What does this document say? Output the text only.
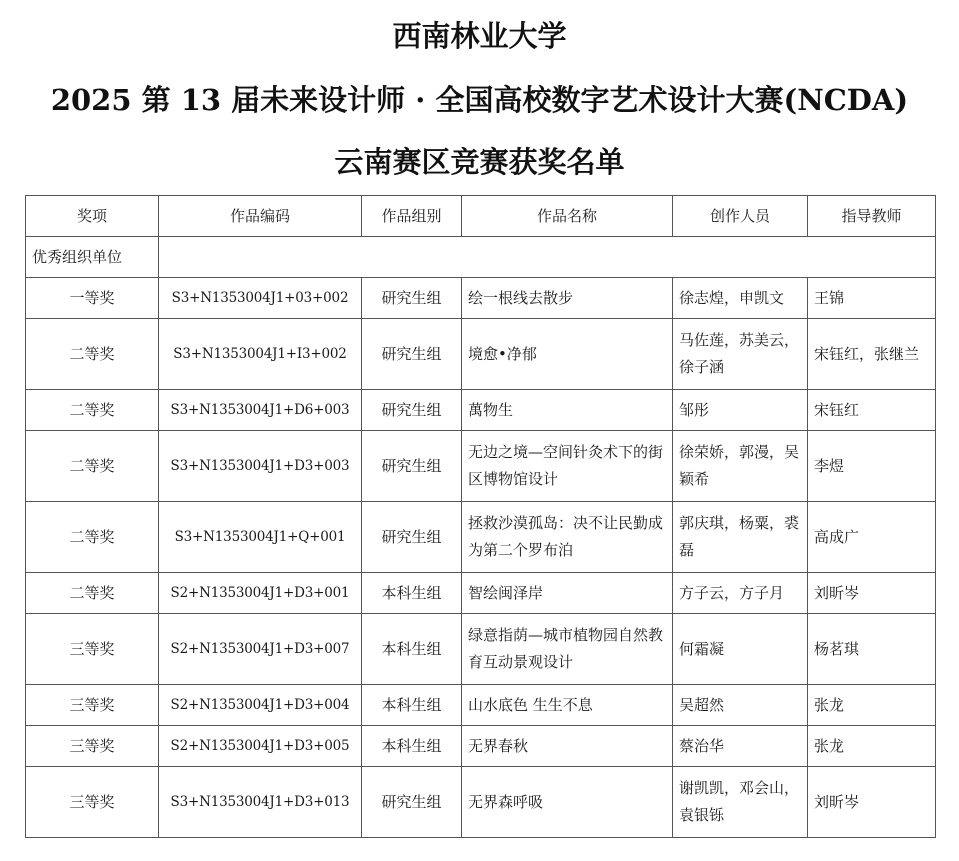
西南林业大学
2025 第 13 届未来设计师 · 全国高校数字艺术设计大赛(NCDA)
云南赛区竞赛获奖名单
奖项	作品编码	作品组别	作品名称	创作人员	指导教师
优秀组织单位					
一等奖	S3+N1353004J1+03+002	研究生组	绘一根线去散步	徐志煌，申凯文	王锦
二等奖	S3+N1353004J1+I3+002	研究生组	境愈•净郁	马佐莲，苏美云，徐子涵	宋钰红，张继兰
二等奖	S3+N1353004J1+D6+003	研究生组	萬物生	邹彤	宋钰红
二等奖	S3+N1353004J1+D3+003	研究生组	无边之境—空间针灸术下的街区博物馆设计	徐荣娇，郭漫，吴颖希	李煜
二等奖	S3+N1353004J1+Q+001	研究生组	拯救沙漠孤岛：决不让民勤成为第二个罗布泊	郭庆琪，杨粟，裘磊	高成广
二等奖	S2+N1353004J1+D3+001	本科生组	智绘闽泽岸	方子云，方子月	刘昕岑
三等奖	S2+N1353004J1+D3+007	本科生组	绿意指荫—城市植物园自然教育互动景观设计	何霜凝	杨茗琪
三等奖	S2+N1353004J1+D3+004	本科生组	山水底色 生生不息	吴超然	张龙
三等奖	S2+N1353004J1+D3+005	本科生组	无界春秋	蔡治华	张龙
三等奖	S3+N1353004J1+D3+013	研究生组	无界森呼吸	谢凯凯，邓会山，袁银铄	刘昕岑
